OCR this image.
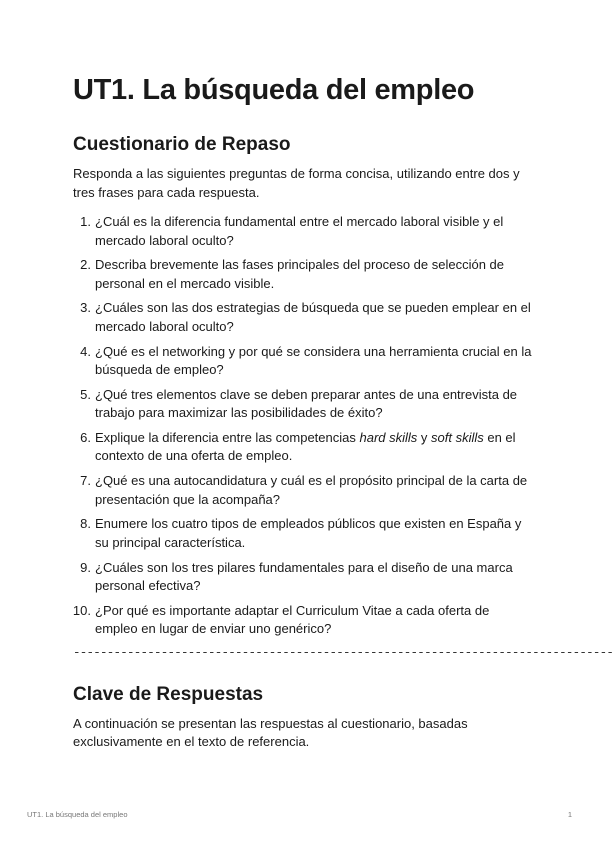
UT1. La búsqueda del empleo
Cuestionario de Repaso

Responda a las siguientes preguntas de forma concisa, utilizando entre dos y tres frases para cada respuesta.

1. ¿Cuál es la diferencia fundamental entre el mercado laboral visible y el mercado laboral oculto?
2. Describa brevemente las fases principales del proceso de selección de personal en el mercado visible.
3. ¿Cuáles son las dos estrategias de búsqueda que se pueden emplear en el mercado laboral oculto?
4. ¿Qué es el networking y por qué se considera una herramienta crucial en la búsqueda de empleo?
5. ¿Qué tres elementos clave se deben preparar antes de una entrevista de trabajo para maximizar las posibilidades de éxito?
6. Explique la diferencia entre las competencias hard skills y soft skills en el contexto de una oferta de empleo.
7. ¿Qué es una autocandidatura y cuál es el propósito principal de la carta de presentación que la acompaña?
8. Enumere los cuatro tipos de empleados públicos que existen en España y su principal característica.
9. ¿Cuáles son los tres pilares fundamentales para el diseño de una marca personal efectiva?
10. ¿Por qué es importante adaptar el Curriculum Vitae a cada oferta de empleo en lugar de enviar uno genérico?
--------------------------------------------------------------------------------
Clave de Respuestas

A continuación se presentan las respuestas al cuestionario, basadas exclusivamente en el texto de referencia.

UT1. La búsqueda del empleo	1
